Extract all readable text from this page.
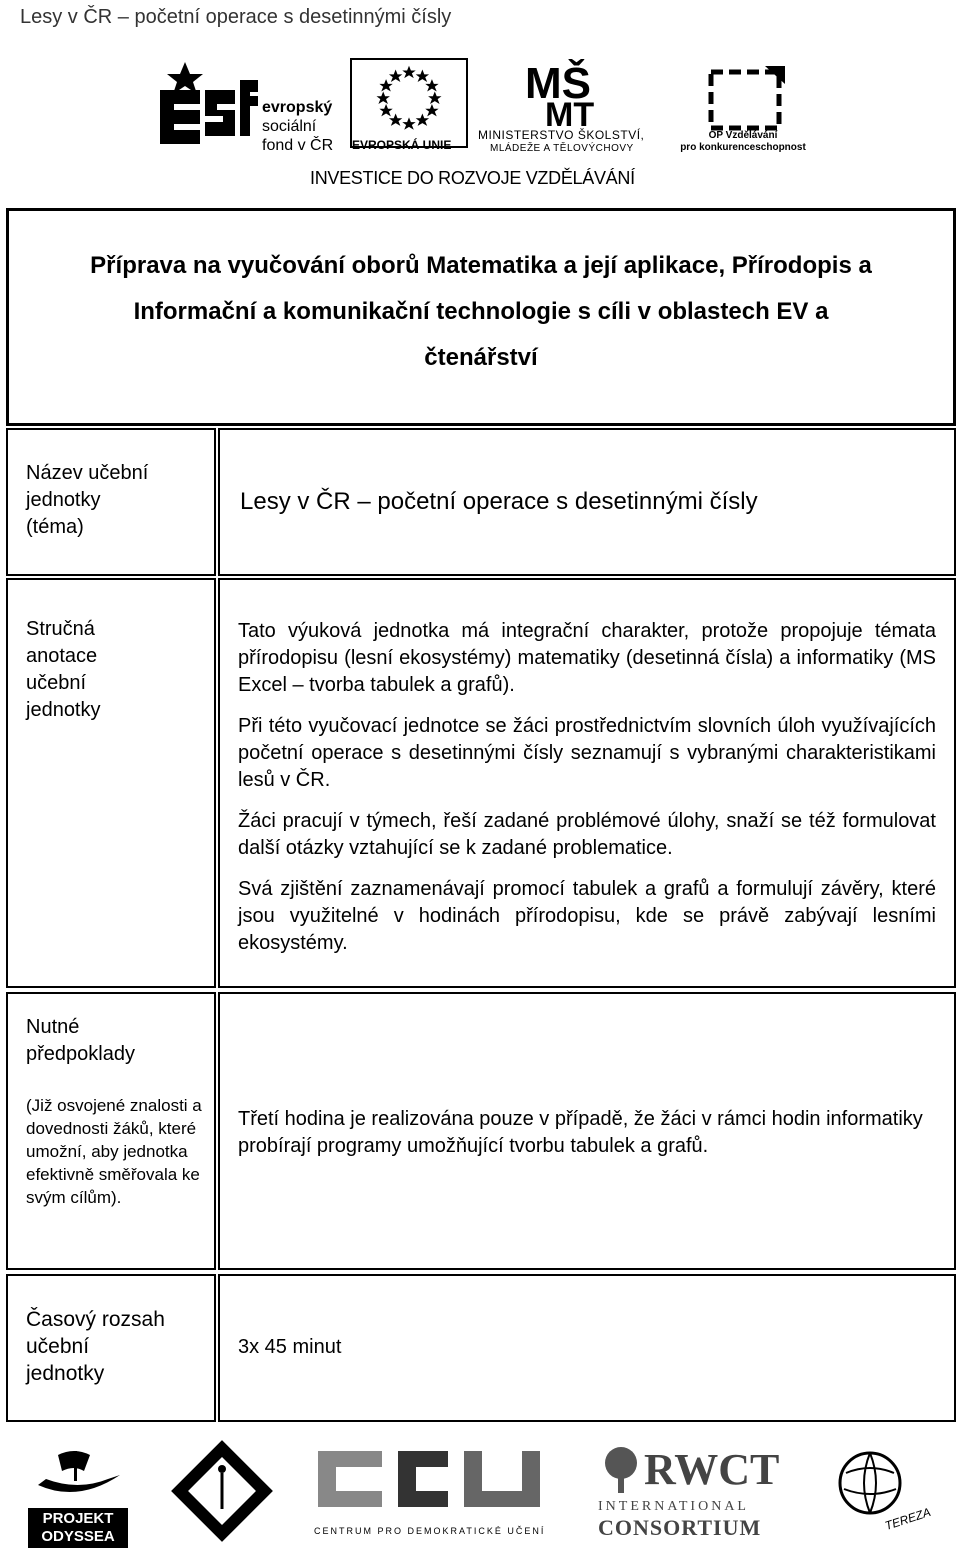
Lesy v ČR – početní operace s desetinnými čísly
evropský
sociální
fond v ČR EVROPSKÁ UNIE
MŠ
MT
MINISTERSTVO ŠKOLSTVÍ,
MLÁDEŽE A TĚLOVÝCHOVY
OP Vzdělávání
pro konkurenceschopnost
INVESTICE DO ROZVOJE VZDĚLÁVÁNÍ
Příprava na vyučování oborů Matematika a její aplikace, Přírodopis a
Informační a komunikační technologie s cíli v oblastech EV a
čtenářství
Název učební
jednotky
(téma)
Lesy v ČR – početní operace s desetinnými čísly
Stručná
anotace
učební
jednotky

Tato výuková jednotka má integrační charakter, protože propojuje témata přírodopisu (lesní ekosystémy) matematiky (desetinná čísla) a informatiky (MS Excel – tvorba tabulek a grafů).

Při této vyučovací jednotce se žáci prostřednictvím slovních úloh využívajících početní operace s desetinnými čísly seznamují s vybranými charakteristikami lesů v ČR.

Žáci pracují v týmech, řeší zadané problémové úlohy, snaží se též formulovat další otázky vztahující se k zadané problematice.

Svá zjištění zaznamenávají promocí tabulek a grafů a formulují závěry, které jsou využitelné v hodinách přírodopisu, kde se právě zabývají lesními ekosystémy.

Nutné
předpoklady
(Již osvojené znalosti a dovednosti žáků, které umožní, aby jednotka efektivně směřovala ke svým cílům).
Třetí hodina je realizována pouze v případě, že žáci v rámci hodin informatiky probírají programy umožňující tvorbu tabulek a grafů.
Časový rozsah
učební
jednotky
3x 45 minut
PROJEKT
ODYSSEA	CENTRUM PRO DEMOKRATICKÉ UČENÍ
RWCT
INTERNATIONAL
CONSORTIUM	TEREZA
